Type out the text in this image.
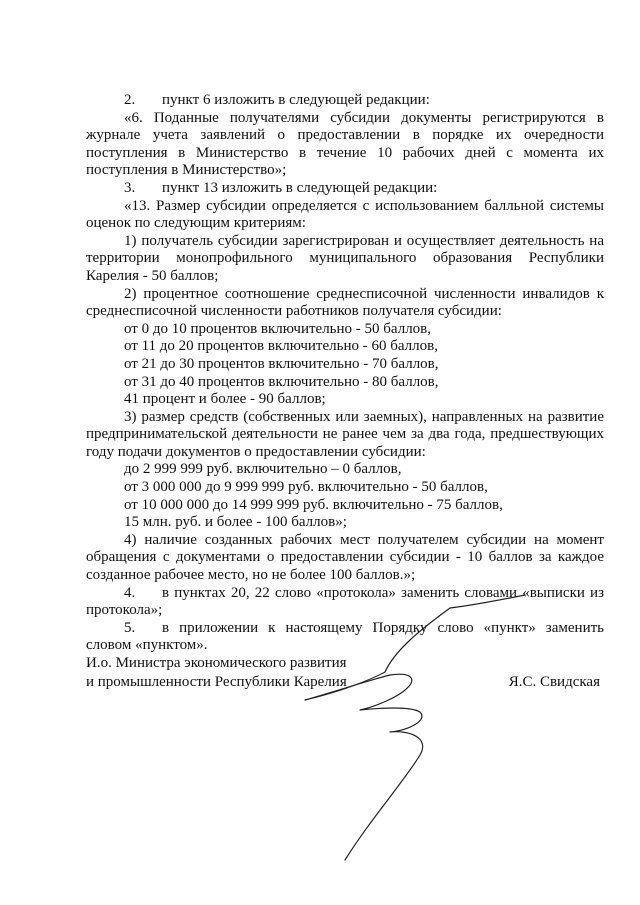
2. пункт 6 изложить в следующей редакции:

«6. Поданные получателями субсидии документы регистрируются в журнале учета заявлений о предоставлении в порядке их очередности поступления в Министерство в течение 10 рабочих дней с момента их поступления в Министерство»;

3. пункт 13 изложить в следующей редакции:

«13. Размер субсидии определяется с использованием балльной системы оценок по следующим критериям:

1) получатель субсидии зарегистрирован и осуществляет деятельность на территории монопрофильного муниципального образования Республики Карелия - 50 баллов;

2) процентное соотношение среднесписочной численности инвалидов к среднесписочной численности работников получателя субсидии:

от 0 до 10 процентов включительно - 50 баллов,

от 11 до 20 процентов включительно - 60 баллов,

от 21 до 30 процентов включительно - 70 баллов,

от 31 до 40 процентов включительно - 80 баллов,

41 процент и более - 90 баллов;

3) размер средств (собственных или заемных), направленных на развитие предпринимательской деятельности не ранее чем за два года, предшествующих году подачи документов о предоставлении субсидии:

до 2 999 999 руб. включительно – 0 баллов,

от 3 000 000 до 9 999 999 руб. включительно - 50 баллов,

от 10 000 000 до 14 999 999 руб. включительно - 75 баллов,

15 млн. руб. и более - 100 баллов»;

4) наличие созданных рабочих мест получателем субсидии на момент обращения с документами о предоставлении субсидии - 10 баллов за каждое созданное рабочее место, но не более 100 баллов.»;

4. в пунктах 20, 22 слово «протокола» заменить словами «выписки из протокола»;

5. в приложении к настоящему Порядку слово «пункт» заменить словом «пунктом».

И.о. Министра экономического развития
и промышленности Республики Карелия	Я.С. Свидская
